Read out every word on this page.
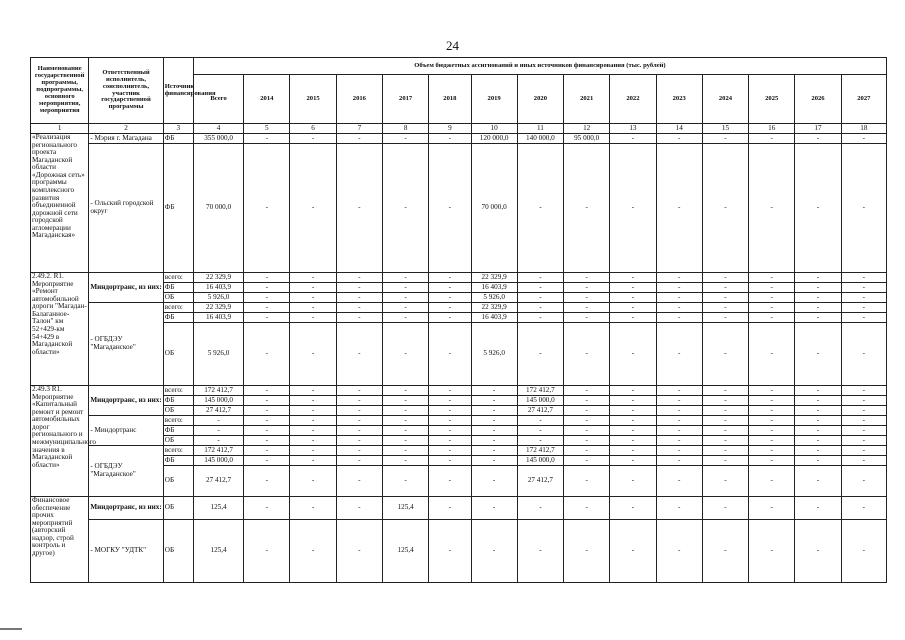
24
Наименование государственной программы, подпрограммы, основного мероприятия, мероприятия	Ответственный исполнитель, соисполнитель, участник государственной программы	Источник финансирования	Объем бюджетных ассигнований и иных источников финансирования (тыс. рублей)														
			Всего	2014	2015	2016	2017	2018	2019	2020	2021	2022	2023	2024	2025	2026	2027
1	2	3	4	5	6	7	8	9	10	11	12	13	14	15	16	17	18
«Реализация регионального проекта Магаданской области «Дорожная сеть» программы комплексного развития объединенной дорожной сети городской агломерации Магаданская»	- Мэрия г. Магадана	ФБ	355 000,0	-	-	-	-	-	120 000,0	140 000,0	95 000,0	-	-	-	-	-	-
	- Ольский городской округ	ФБ	70 000,0	-	-	-	-	-	70 000,0	-	-	-	-	-	-	-	-
2.49.2. R1. Мероприятие «Ремонт автомобильной дороги "Магадан-Балаганное-Талон" км 52+429-км 54+429 в Магаданской области»	Миндортранс, из них:	всего:	22 329,9	-	-	-	-	-	22 329,9	-	-	-	-	-	-	-	-
		ФБ	16 403,9	-	-	-	-	-	16 403,9	-	-	-	-	-	-	-	-
		ОБ	5 926,0	-	-	-	-	-	5 926,0	-	-	-	-	-	-	-	-
	- ОГБДЭУ "Магаданское"	всего:	22 329,9	-	-	-	-	-	22 329,9	-	-	-	-	-	-	-	-
		ФБ	16 403,9	-	-	-	-	-	16 403,9	-	-	-	-	-	-	-	-
		ОБ	5 926,0	-	-	-	-	-	5 926,0	-	-	-	-	-	-	-	-
2.49.3 R1. Мероприятие «Капитальный ремонт и ремонт автомобильных дорог регионального и межмуниципального значения в Магаданской области»	Миндортранс, из них:	всего:	172 412,7	-	-	-	-	-	-	172 412,7	-	-	-	-	-	-	-
		ФБ	145 000,0	-	-	-	-	-	-	145 000,0	-	-	-	-	-	-	-
		ОБ	27 412,7	-	-	-	-	-	-	27 412,7	-	-	-	-	-	-	-
	- Миндортранс	всего:	-	-	-	-	-	-	-	-	-	-	-	-	-	-	-
		ФБ	-	-	-	-	-	-	-	-	-	-	-	-	-	-	-
		ОБ	-	-	-	-	-	-	-	-	-	-	-	-	-	-	-
	- ОГБДЭУ "Магаданское"	всего:	172 412,7	-	-	-	-	-	-	172 412,7	-	-	-	-	-	-	-
		ФБ	145 000,0	-	-	-	-	-	-	145 000,0	-	-	-	-	-	-	-
		ОБ	27 412,7	-	-	-	-	-	-	27 412,7	-	-	-	-	-	-	-
Финансовое обеспечение прочих мероприятий (авторский надзор, строй контроль и другое)	Миндортранс, из них:	ОБ	125,4	-	-	-	125,4	-	-	-	-	-	-	-	-	-	-
	- МОГКУ "УДТК"	ОБ	125,4	-	-	-	125,4	-	-	-	-	-	-	-	-	-	-
